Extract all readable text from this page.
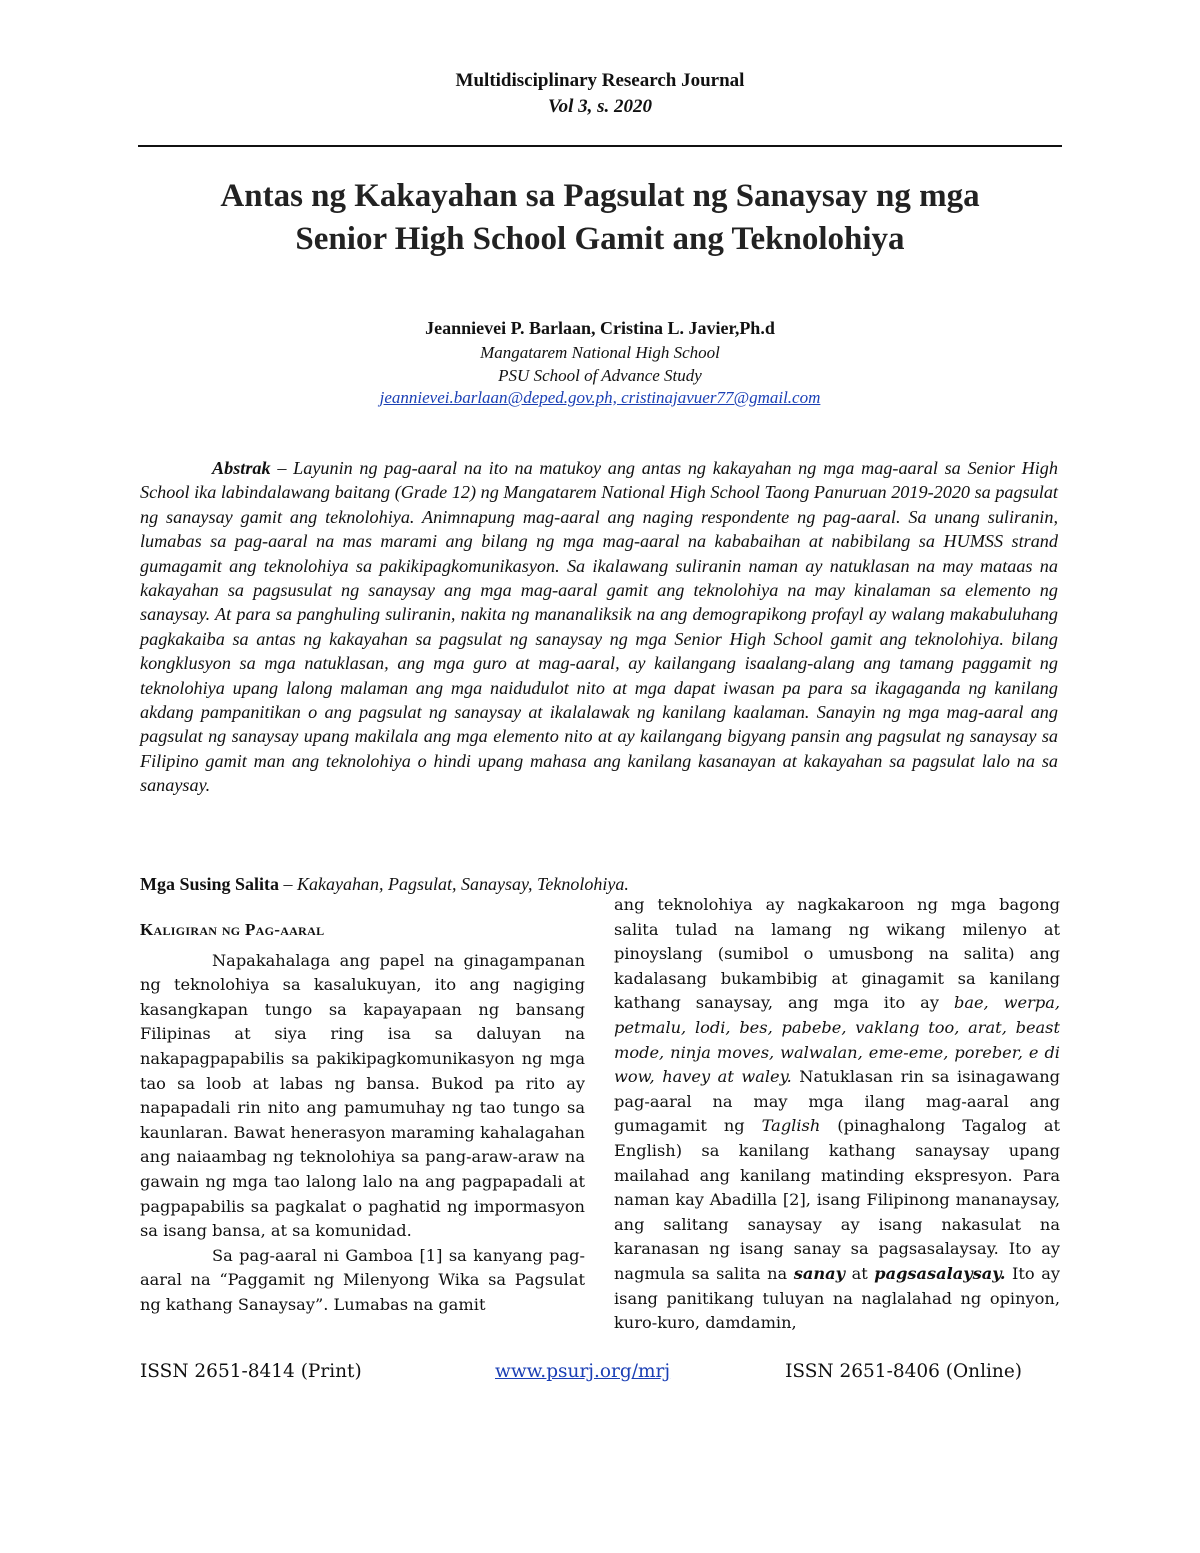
Multidisciplinary Research Journal
Vol 3, s. 2020
Antas ng Kakayahan sa Pagsulat ng Sanaysay ng mga
Senior High School Gamit ang Teknolohiya
Jeannievei P. Barlaan, Cristina L. Javier,Ph.d
Mangatarem National High School
PSU School of Advance Study
jeannievei.barlaan@deped.gov.ph, cristinajavuer77@gmail.com

Abstrak – Layunin ng pag-aaral na ito na matukoy ang antas ng kakayahan ng mga mag-aaral sa Senior High School ika labindalawang baitang (Grade 12) ng Mangatarem National High School Taong Panuruan 2019-2020 sa pagsulat ng sanaysay gamit ang teknolohiya. Animnapung mag-aaral ang naging respondente ng pag-aaral. Sa unang suliranin, lumabas sa pag-aaral na mas marami ang bilang ng mga mag-aaral na kababaihan at nabibilang sa HUMSS strand gumagamit ang teknolohiya sa pakikipagkomunikasyon. Sa ikalawang suliranin naman ay natuklasan na may mataas na kakayahan sa pagsusulat ng sanaysay ang mga mag-aaral gamit ang teknolohiya na may kinalaman sa elemento ng sanaysay. At para sa panghuling suliranin, nakita ng mananaliksik na ang demograpikong profayl ay walang makabuluhang pagkakaiba sa antas ng kakayahan sa pagsulat ng sanaysay ng mga Senior High School gamit ang teknolohiya. bilang kongklusyon sa mga natuklasan, ang mga guro at mag-aaral, ay kailangang isaalang-alang ang tamang paggamit ng teknolohiya upang lalong malaman ang mga naidudulot nito at mga dapat iwasan pa para sa ikagaganda ng kanilang akdang pampanitikan o ang pagsulat ng sanaysay at ikalalawak ng kanilang kaalaman. Sanayin ng mga mag-aaral ang pagsulat ng sanaysay upang makilala ang mga elemento nito at ay kailangang bigyang pansin ang pagsulat ng sanaysay sa Filipino gamit man ang teknolohiya o hindi upang mahasa ang kanilang kasanayan at kakayahan sa pagsulat lalo na sa sanaysay.

Mga Susing Salita – Kakayahan, Pagsulat, Sanaysay, Teknolohiya.
Kaligiran ng Pag-aaral

Napakahalaga ang papel na ginagampanan ng teknolohiya sa kasalukuyan, ito ang nagiging kasangkapan tungo sa kapayapaan ng bansang Filipinas at siya ring isa sa daluyan na nakapagpapabilis sa pakikipagkomunikasyon ng mga tao sa loob at labas ng bansa. Bukod pa rito ay napapadali rin nito ang pamumuhay ng tao tungo sa kaunlaran. Bawat henerasyon maraming kahalagahan ang naiaambag ng teknolohiya sa pang-araw-araw na gawain ng mga tao lalong lalo na ang pagpapadali at pagpapabilis sa pagkalat o paghatid ng impormasyon sa isang bansa, at sa komunidad.

Sa pag-aaral ni Gamboa [1] sa kanyang pag-aaral na “Paggamit ng Milenyong Wika sa Pagsulat ng kathang Sanaysay”. Lumabas na gamit

ang teknolohiya ay nagkakaroon ng mga bagong salita tulad na lamang ng wikang milenyo at pinoyslang (sumibol o umusbong na salita) ang kadalasang bukambibig at ginagamit sa kanilang kathang sanaysay, ang mga ito ay bae, werpa, petmalu, lodi, bes, pabebe, vaklang too, arat, beast mode, ninja moves, walwalan, eme-eme, poreber, e di wow, havey at waley. Natuklasan rin sa isinagawang pag-aaral na may mga ilang mag-aaral ang gumagamit ng Taglish (pinaghalong Tagalog at English) sa kanilang kathang sanaysay upang mailahad ang kanilang matinding ekspresyon. Para naman kay Abadilla [2], isang Filipinong mananaysay, ang salitang sanaysay ay isang nakasulat na karanasan ng isang sanay sa pagsasalaysay. Ito ay nagmula sa salita na sanay at pagsasalaysay. Ito ay isang panitikang tuluyan na naglalahad ng opinyon, kuro-kuro, damdamin,

ISSN 2651-8414 (Print)	www.psurj.org/mrj	ISSN 2651-8406 (Online)
